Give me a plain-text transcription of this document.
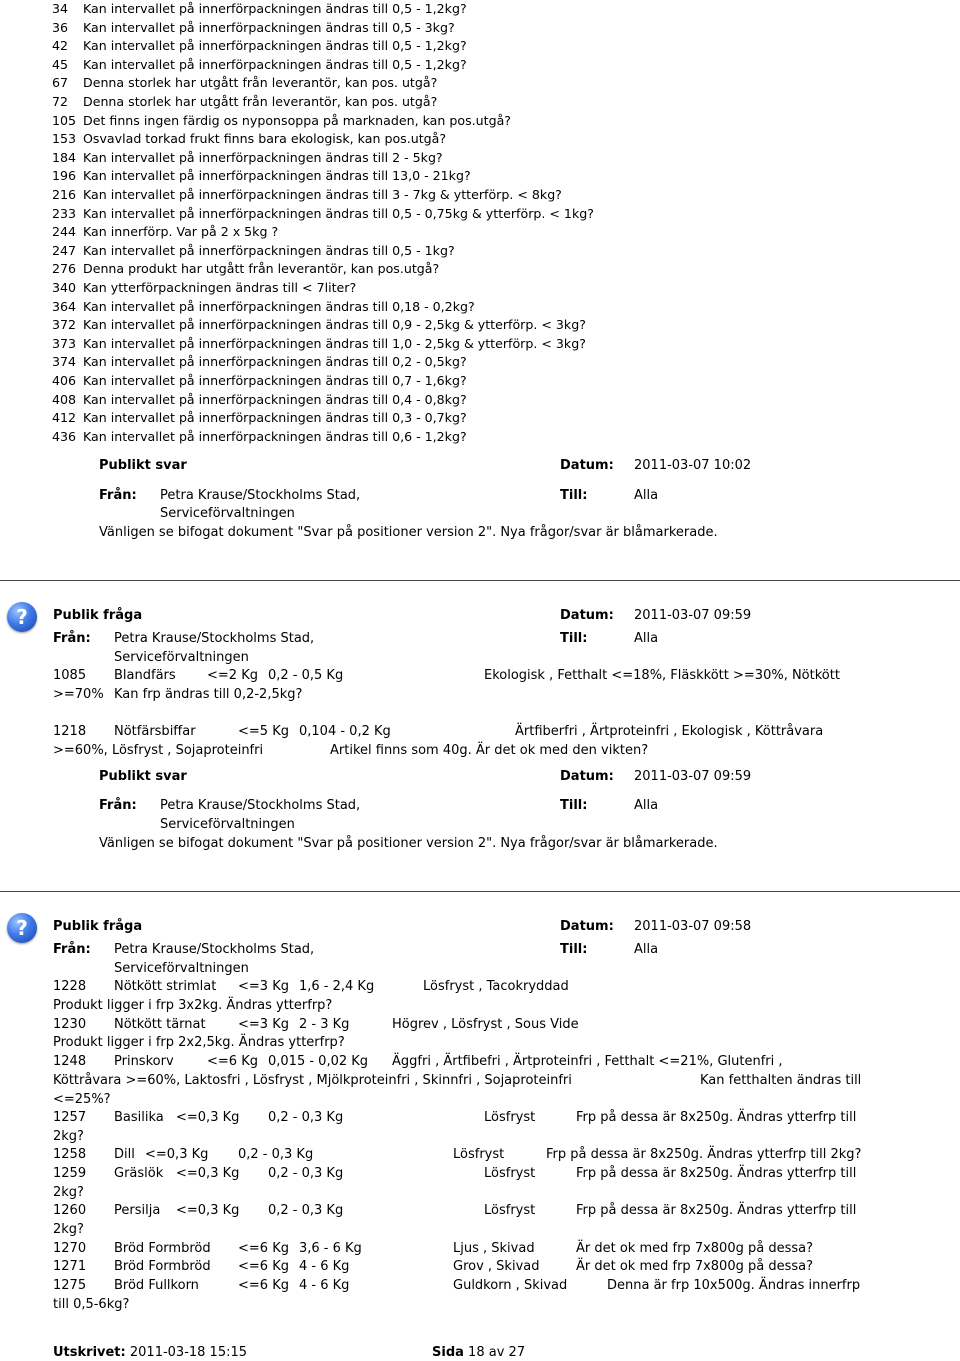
34 Kan intervallet på innerförpackningen ändras till 0,5 - 1,2kg?
36 Kan intervallet på innerförpackningen ändras till 0,5 - 3kg?
42 Kan intervallet på innerförpackningen ändras till 0,5 - 1,2kg?
45 Kan intervallet på innerförpackningen ändras till 0,5 - 1,2kg?
67 Denna storlek har utgått från leverantör, kan pos. utgå?
72 Denna storlek har utgått från leverantör, kan pos. utgå?
105 Det finns ingen färdig os nyponsoppa på marknaden, kan pos.utgå?
153 Osvavlad torkad frukt finns bara ekologisk, kan pos.utgå?
184 Kan intervallet på innerförpackningen ändras till 2 - 5kg?
196 Kan intervallet på innerförpackningen ändras till 13,0 - 21kg?
216 Kan intervallet på innerförpackningen ändras till 3 - 7kg & ytterförp. < 8kg?
233 Kan intervallet på innerförpackningen ändras till 0,5 - 0,75kg & ytterförp. < 1kg?
244 Kan innerförp. Var på 2 x 5kg ?
247 Kan intervallet på innerförpackningen ändras till 0,5 - 1kg?
276 Denna produkt har utgått från leverantör, kan pos.utgå?
340 Kan ytterförpackningen ändras till < 7liter?
364 Kan intervallet på innerförpackningen ändras till 0,18 - 0,2kg?
372 Kan intervallet på innerförpackningen ändras till 0,9 - 2,5kg & ytterförp. < 3kg?
373 Kan intervallet på innerförpackningen ändras till 1,0 - 2,5kg & ytterförp. < 3kg?
374 Kan intervallet på innerförpackningen ändras till 0,2 - 0,5kg?
406 Kan intervallet på innerförpackningen ändras till 0,7 - 1,6kg?
408 Kan intervallet på innerförpackningen ändras till 0,4 - 0,8kg?
412 Kan intervallet på innerförpackningen ändras till 0,3 - 0,7kg?
436 Kan intervallet på innerförpackningen ändras till 0,6 - 1,2kg?
Publikt svar	Datum: 2011-03-07 10:02
Från: Petra Krause/Stockholms Stad,
Serviceförvaltningen
Till:	Alla
Vänligen se bifogat dokument "Svar på positioner version 2". Nya frågor/svar är blåmarkerade.
?	Publik fråga	Datum: 2011-03-07 09:59
Från: Petra Krause/Stockholms Stad,
Serviceförvaltningen
Till:	Alla
1085 Blandfärs <=2 Kg 0,2 - 0,5 Kg	Ekologisk , Fetthalt <=18%, Fläskkött >=30%, Nötkött
>=70% Kan frp ändras till 0,2-2,5kg?
1218 Nötfärsbiffar	<=5 Kg 0,104 - 0,2 Kg	Ärtfiberfri , Ärtproteinfri , Ekologisk , Köttråvara
>=60%, Lösfryst , Sojaproteinfri	Artikel finns som 40g. Är det ok med den vikten?
Publikt svar	Datum: 2011-03-07 09:59
Från: Petra Krause/Stockholms Stad,
Serviceförvaltningen
Till:	Alla
Vänligen se bifogat dokument "Svar på positioner version 2". Nya frågor/svar är blåmarkerade.
?	Publik fråga	Datum: 2011-03-07 09:58
Från: Petra Krause/Stockholms Stad,
Serviceförvaltningen
Till:	Alla
1228 Nötkött strimlat <=3 Kg 1,6 - 2,4 Kg	Lösfryst , Tacokryddad
Produkt ligger i frp 3x2kg. Ändras ytterfrp?
1230 Nötkött tärnat <=3 Kg 2 - 3 Kg	Högrev , Lösfryst , Sous Vide
Produkt ligger i frp 2x2,5kg. Ändras ytterfrp?
1248 Prinskorv	<=6 Kg 0,015 - 0,02 Kg Äggfri , Ärtfibefri , Ärtproteinfri , Fetthalt <=21%, Glutenfri ,
Köttråvara >=60%, Laktosfri , Lösfryst , Mjölkproteinfri , Skinnfri , Sojaproteinfri	Kan fetthalten ändras till
<=25%?
1257 Basilika <=0,3 Kg 0,2 - 0,3 Kg	Lösfryst	Frp på dessa är 8x250g. Ändras ytterfrp till
2kg?
1258 Dill <=0,3 Kg 0,2 - 0,3 Kg	Lösfryst	Frp på dessa är 8x250g. Ändras ytterfrp till 2kg?
1259 Gräslök <=0,3 Kg 0,2 - 0,3 Kg	Lösfryst	Frp på dessa är 8x250g. Ändras ytterfrp till
2kg?
1260 Persilja <=0,3 Kg 0,2 - 0,3 Kg	Lösfryst	Frp på dessa är 8x250g. Ändras ytterfrp till
2kg?
1270 Bröd Formbröd <=6 Kg 3,6 - 6 Kg	Ljus , Skivad	Är det ok med frp 7x800g på dessa?
1271 Bröd Formbröd <=6 Kg 4 - 6 Kg	Grov , Skivad	Är det ok med frp 7x800g på dessa?
1275 Bröd Fullkorn	<=6 Kg 4 - 6 Kg	Guldkorn , Skivad	Denna är frp 10x500g. Ändras innerfrp
till 0,5-6kg?
Utskrivet: 2011-03-18 15:15	Sida 18 av 27
